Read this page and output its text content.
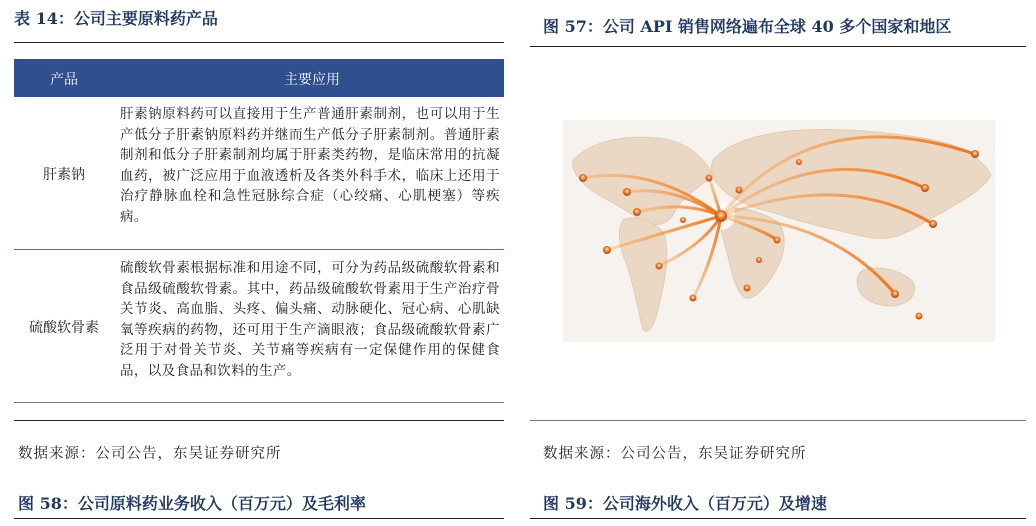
表 14：公司主要原料药产品
产品	主要应用
肝素钠
肝素钠原料药可以直接用于生产普通肝素制剂，也可以用于生产低分子肝素钠原料药并继而生产低分子肝素制剂。普通肝素制剂和低分子肝素制剂均属于肝素类药物，是临床常用的抗凝血药，被广泛应用于血液透析及各类外科手术，临床上还用于治疗静脉血栓和急性冠脉综合症（心绞痛、心肌梗塞）等疾病。
硫酸软骨素
硫酸软骨素根据标准和用途不同，可分为药品级硫酸软骨素和食品级硫酸软骨素。其中，药品级硫酸软骨素用于生产治疗骨关节炎、高血脂、头疼、偏头痛、动脉硬化、冠心病、心肌缺氧等疾病的药物，还可用于生产滴眼液；食品级硫酸软骨素广泛用于对骨关节炎、关节痛等疾病有一定保健作用的保健食品，以及食品和饮料的生产。
数据来源：公司公告，东吴证券研究所
图 58：公司原料药业务收入（百万元）及毛利率
图 57：公司 API 销售网络遍布全球 40 多个国家和地区
数据来源：公司公告，东吴证券研究所
图 59：公司海外收入（百万元）及增速
